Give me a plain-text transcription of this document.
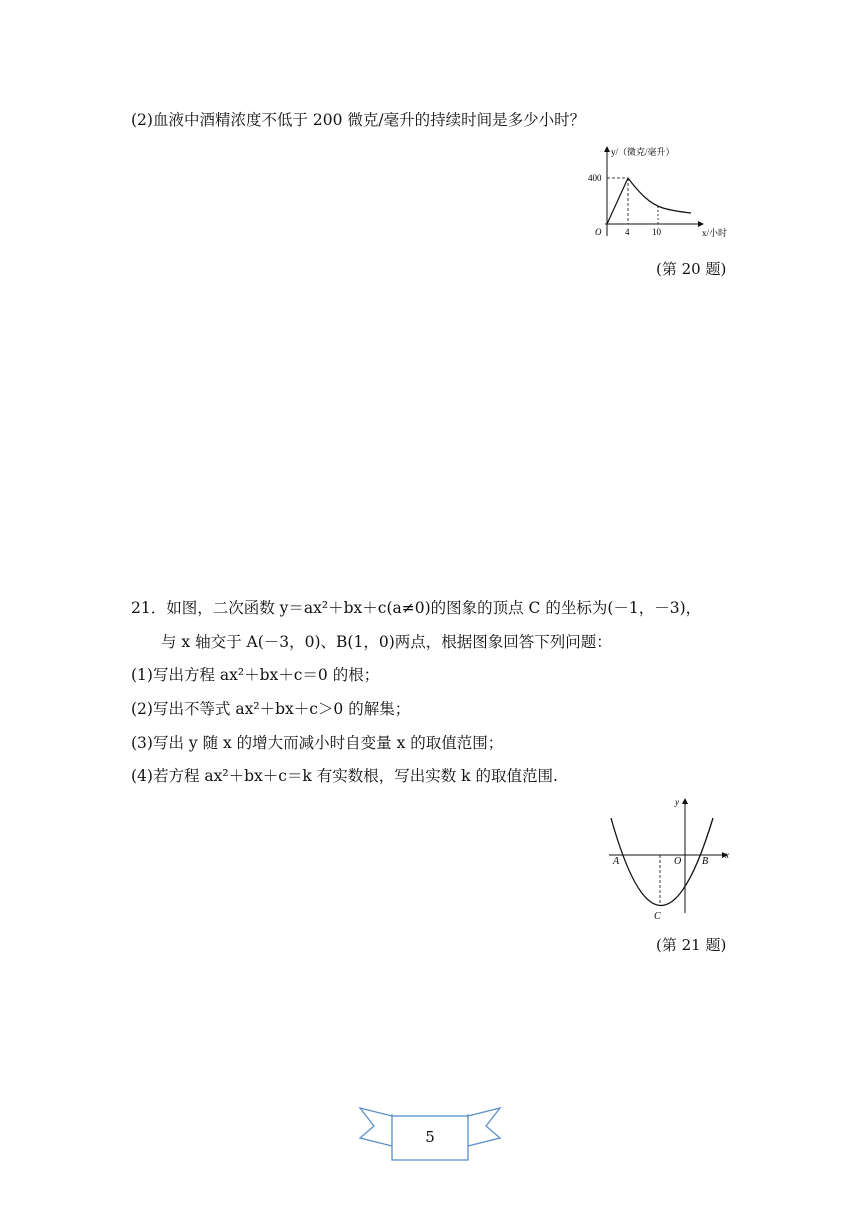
(2)血液中酒精浓度不低于 200 微克/毫升的持续时间是多少小时？
y/（微克/毫升）
400
O	4	10	x/小时
(第 20 题)
21．如图，二次函数 y＝ax²＋bx＋c(a≠0)的图象的顶点 C 的坐标为(－1，－3)，
与 x 轴交于 A(－3，0)、B(1，0)两点，根据图象回答下列问题：
(1)写出方程 ax²＋bx＋c＝0 的根；
(2)写出不等式 ax²＋bx＋c＞0 的解集；
(3)写出 y 随 x 的增大而减小时自变量 x 的取值范围；
(4)若方程 ax²＋bx＋c＝k 有实数根，写出实数 k 的取值范围.
y
x
A	O B
C
(第 21 题)
5
